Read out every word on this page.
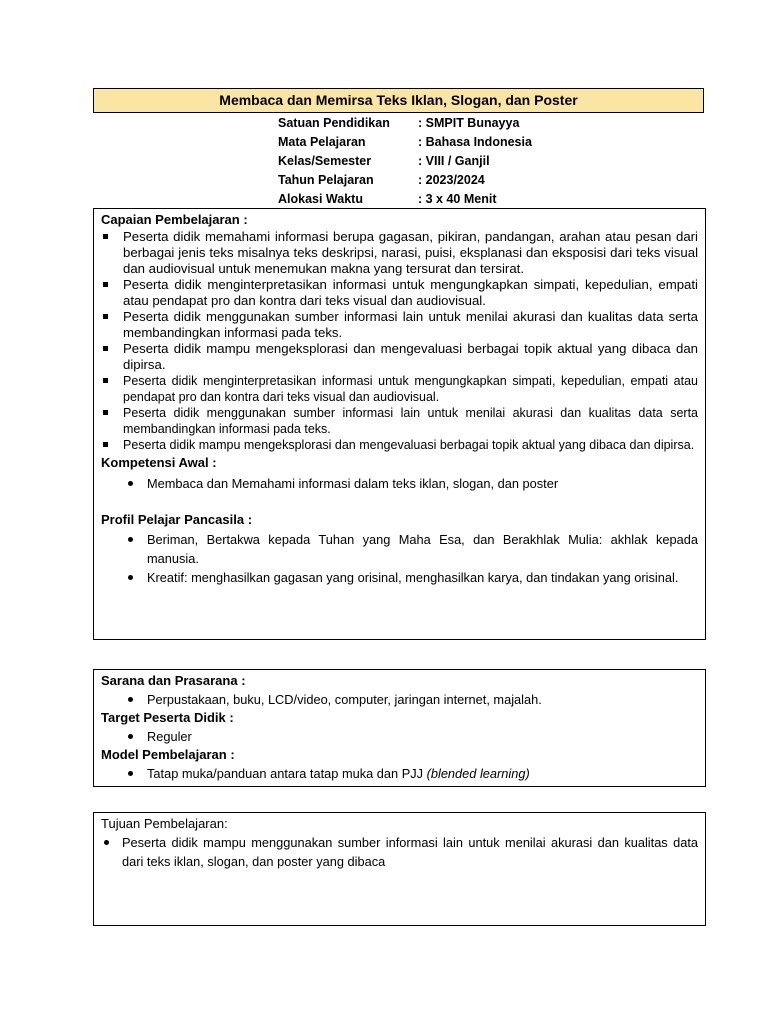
Membaca dan Memirsa Teks Iklan, Slogan, dan Poster
Satuan Pendidikan	: SMPIT Bunayya
Mata Pelajaran	: Bahasa Indonesia
Kelas/Semester	: VIII / Ganjil
Tahun Pelajaran	: 2023/2024
Alokasi Waktu	: 3 x 40 Menit
Capaian Pembelajaran :
Peserta didik memahami informasi berupa gagasan, pikiran, pandangan, arahan atau pesan dari berbagai jenis teks misalnya teks deskripsi, narasi, puisi, eksplanasi dan eksposisi dari teks visual dan audiovisual untuk menemukan makna yang tersurat dan tersirat.
Peserta didik menginterpretasikan informasi untuk mengungkapkan simpati, kepedulian, empati atau pendapat pro dan kontra dari teks visual dan audiovisual.
Peserta didik menggunakan sumber informasi lain untuk menilai akurasi dan kualitas data serta membandingkan informasi pada teks.
Peserta didik mampu mengeksplorasi dan mengevaluasi berbagai topik aktual yang dibaca dan dipirsa.
Peserta didik menginterpretasikan informasi untuk mengungkapkan simpati, kepedulian, empati atau pendapat pro dan kontra dari teks visual dan audiovisual.
Peserta didik menggunakan sumber informasi lain untuk menilai akurasi dan kualitas data serta membandingkan informasi pada teks.
Peserta didik mampu mengeksplorasi dan mengevaluasi berbagai topik aktual yang dibaca dan dipirsa.
Kompetensi Awal :
Membaca dan Memahami informasi dalam teks iklan, slogan, dan poster
Profil Pelajar Pancasila :
Beriman, Bertakwa kepada Tuhan yang Maha Esa, dan Berakhlak Mulia: akhlak kepada manusia.
Kreatif: menghasilkan gagasan yang orisinal, menghasilkan karya, dan tindakan yang orisinal.
Sarana dan Prasarana :
Perpustakaan, buku, LCD/video, computer, jaringan internet, majalah.
Target Peserta Didik :
Reguler
Model Pembelajaran :
Tatap muka/panduan antara tatap muka dan PJJ (blended learning)
Tujuan Pembelajaran:
Peserta didik mampu menggunakan sumber informasi lain untuk menilai akurasi dan kualitas data dari teks iklan, slogan, dan poster yang dibaca
